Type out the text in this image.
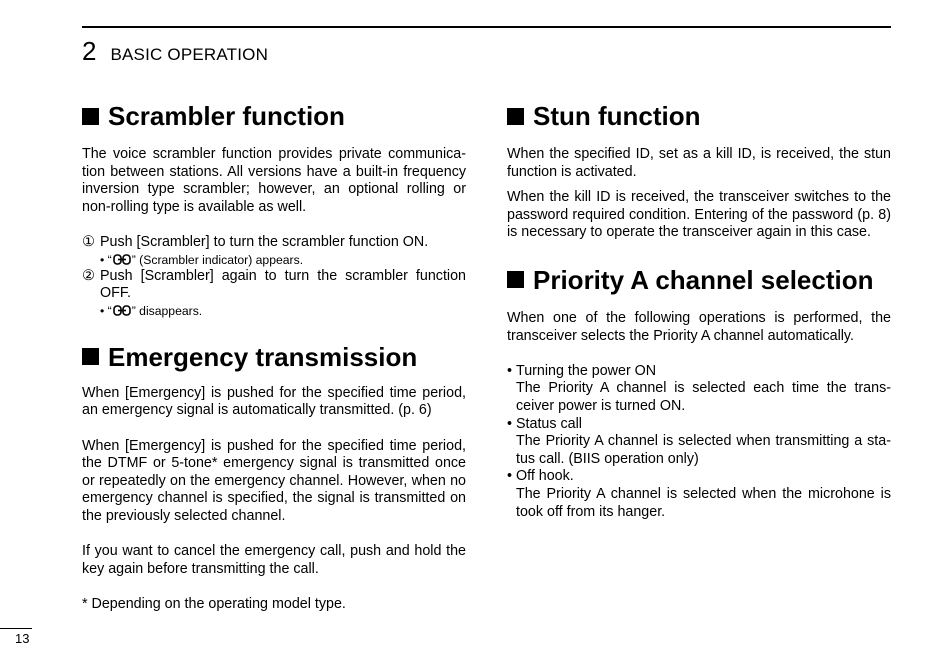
2 BASIC OPERATION
Scrambler function

The voice scrambler function provides private communica-tion between stations. All versions have a built-in frequency inversion type scrambler; however, an optional rolling or non-rolling type is available as well.

① Push [Scrambler] to turn the scrambler function ON.
• “ ” (Scrambler indicator) appears.
② Push [Scrambler] again to turn the scrambler function OFF.
• “ ” disappears.
Emergency transmission

When [Emergency] is pushed for the specified time period, an emergency signal is automatically transmitted. (p. 6)

When [Emergency] is pushed for the specified time period, the DTMF or 5-tone* emergency signal is transmitted once or repeatedly on the emergency channel. However, when no emergency channel is specified, the signal is transmitted on the previously selected channel.

If you want to cancel the emergency call, push and hold the key again before transmitting the call.

* Depending on the operating model type.

Stun function

When the specified ID, set as a kill ID, is received, the stun function is activated.

When the kill ID is received, the transceiver switches to the password required condition. Entering of the password (p. 8) is necessary to operate the transceiver again in this case.

Priority A channel selection

When one of the following operations is performed, the transceiver selects the Priority A channel automatically.

• Turning the power ON
The Priority A channel is selected each time the trans-ceiver power is turned ON.
• Status call
The Priority A channel is selected when transmitting a sta-tus call. (BIIS operation only)
• Off hook.
The Priority A channel is selected when the microhone is took off from its hanger.
13
